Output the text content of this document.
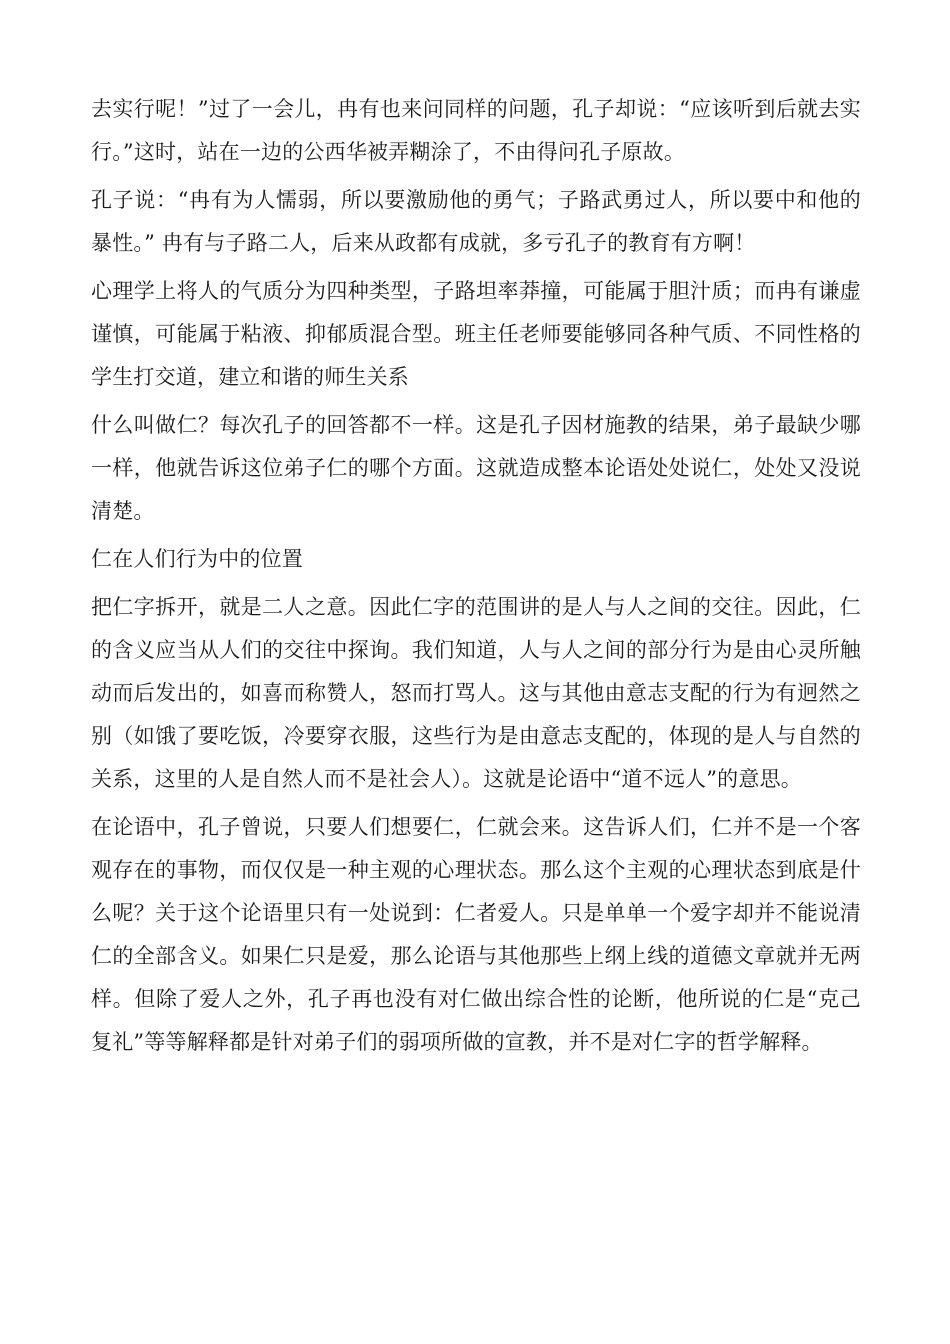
去实行呢！”过了一会儿，冉有也来问同样的问题，孔子却说：“应该听到后就去实行。”这时，站在一边的公西华被弄糊涂了，不由得问孔子原故。

孔子说：“冉有为人懦弱，所以要激励他的勇气；子路武勇过人，所以要中和他的暴性。” 冉有与子路二人，后来从政都有成就，多亏孔子的教育有方啊！

心理学上将人的气质分为四种类型，子路坦率莽撞，可能属于胆汁质；而冉有谦虚谨慎，可能属于粘液、抑郁质混合型。班主任老师要能够同各种气质、不同性格的学生打交道，建立和谐的师生关系

什么叫做仁？每次孔子的回答都不一样。这是孔子因材施教的结果，弟子最缺少哪一样，他就告诉这位弟子仁的哪个方面。这就造成整本论语处处说仁，处处又没说清楚。

仁在人们行为中的位置

把仁字拆开，就是二人之意。因此仁字的范围讲的是人与人之间的交往。因此，仁的含义应当从人们的交往中探询。我们知道，人与人之间的部分行为是由心灵所触动而后发出的，如喜而称赞人，怒而打骂人。这与其他由意志支配的行为有迥然之别（如饿了要吃饭，冷要穿衣服，这些行为是由意志支配的，体现的是人与自然的关系，这里的人是自然人而不是社会人）。这就是论语中“道不远人”的意思。

在论语中，孔子曾说，只要人们想要仁，仁就会来。这告诉人们，仁并不是一个客观存在的事物，而仅仅是一种主观的心理状态。那么这个主观的心理状态到底是什么呢？关于这个论语里只有一处说到：仁者爱人。只是单单一个爱字却并不能说清仁的全部含义。如果仁只是爱，那么论语与其他那些上纲上线的道德文章就并无两样。但除了爱人之外，孔子再也没有对仁做出综合性的论断，他所说的仁是“克己复礼”等等解释都是针对弟子们的弱项所做的宣教，并不是对仁字的哲学解释。
